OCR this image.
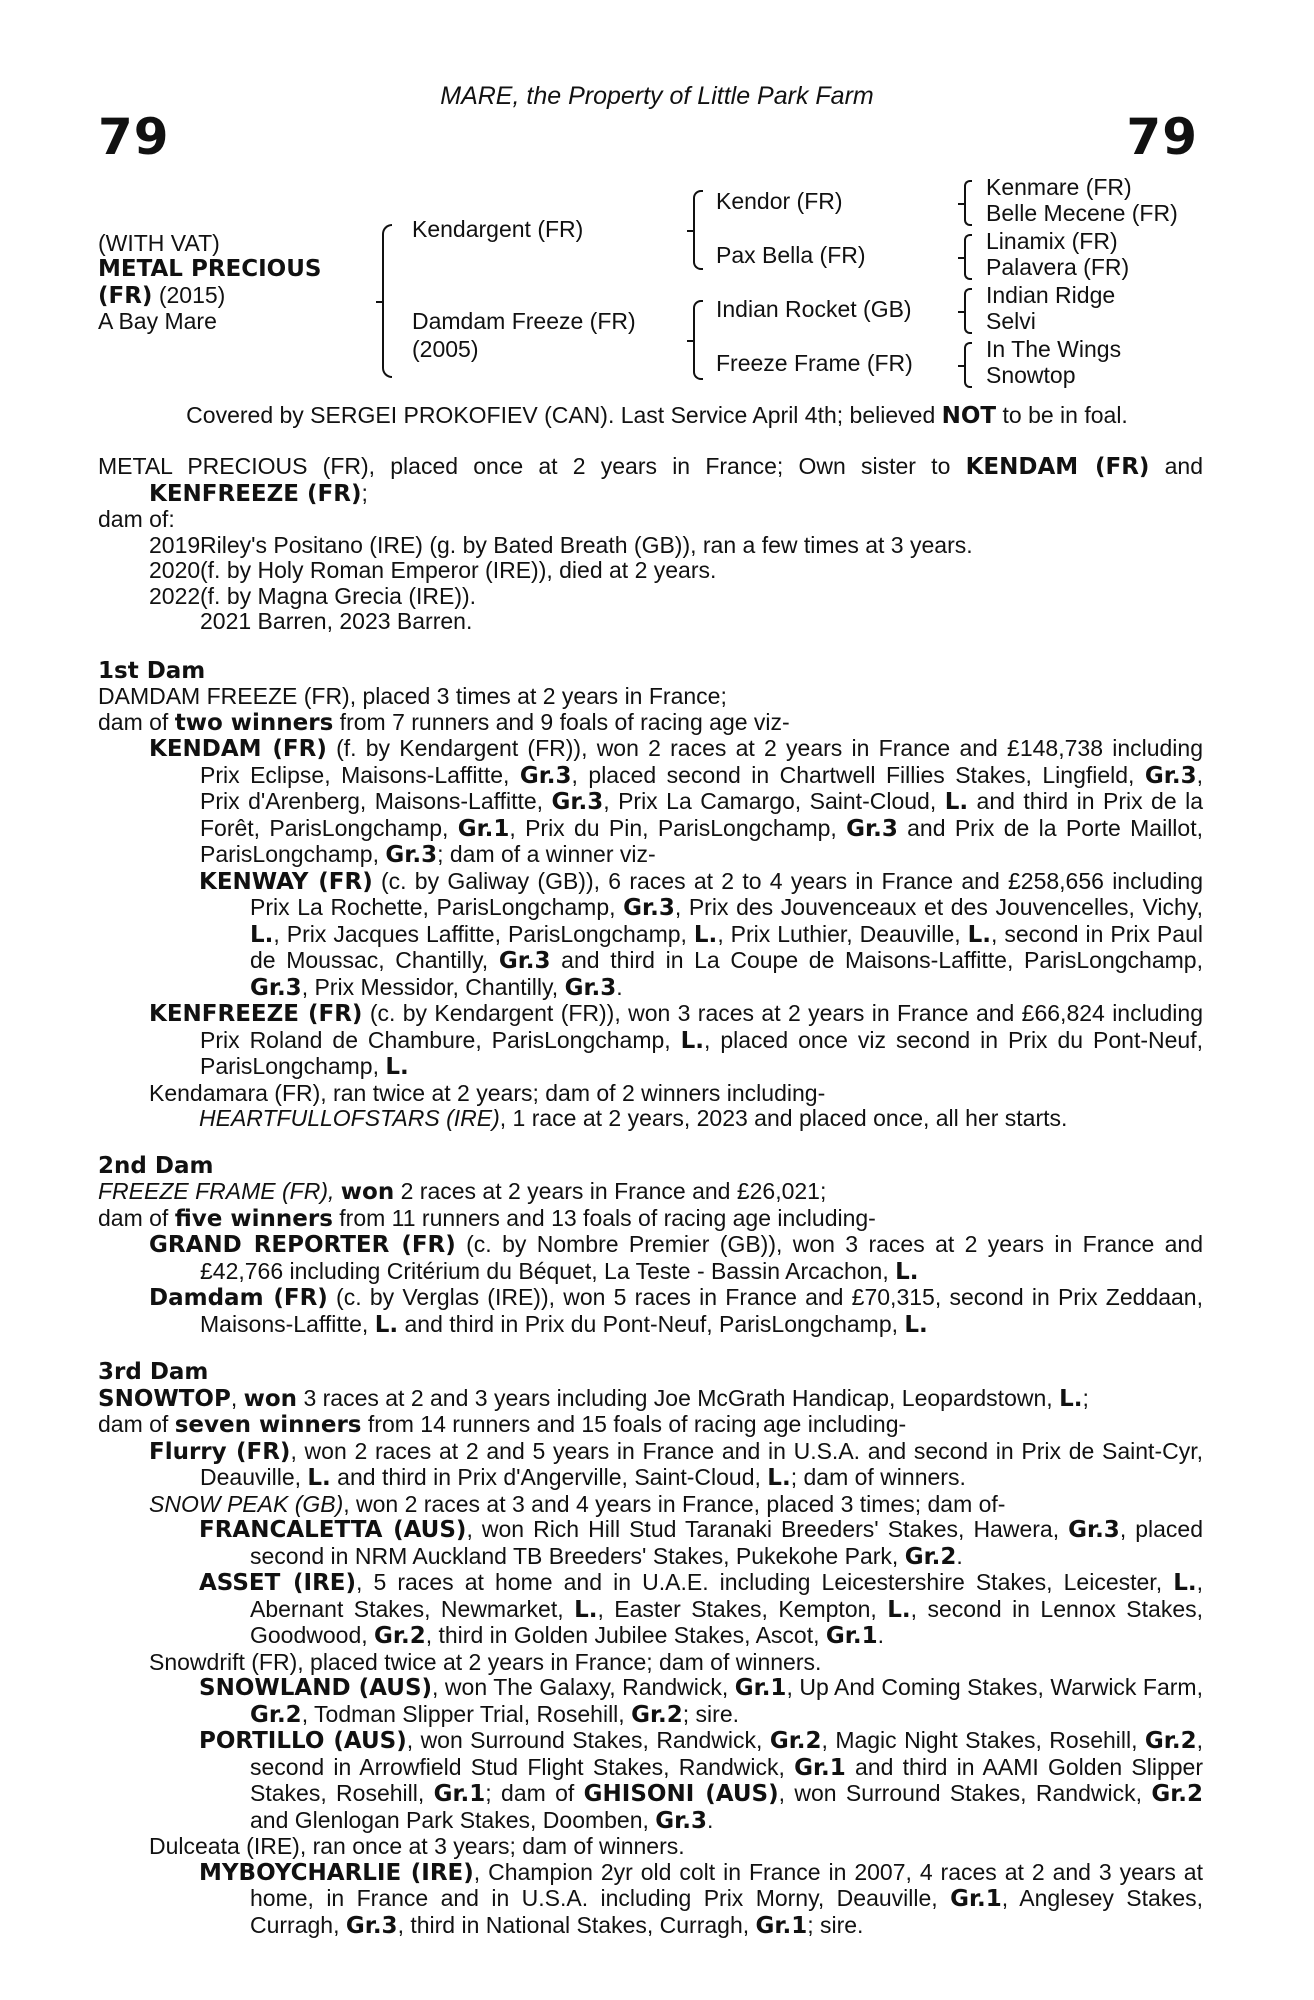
MARE, the Property of Little Park Farm
79	79
(WITH VAT)
METAL PRECIOUS
(FR) (2015)
A Bay Mare
Kendargent (FR)
Damdam Freeze (FR)
(2005)
Kendor (FR)
Pax Bella (FR)
Indian Rocket (GB)
Freeze Frame (FR)
Kenmare (FR)
Belle Mecene (FR)
Linamix (FR)
Palavera (FR)
Indian Ridge
Selvi
In The Wings
Snowtop
Covered by SERGEI PROKOFIEV (CAN). Last Service April 4th; believed NOT to be in foal.

METAL PRECIOUS (FR), placed once at 2 years in France; Own sister to KENDAM (FR) and KENFREEZE (FR);

dam of:

2019Riley's Positano (IRE) (g. by Bated Breath (GB)), ran a few times at 3 years.

2020(f. by Holy Roman Emperor (IRE)), died at 2 years.

2022(f. by Magna Grecia (IRE)).

2021 Barren, 2023 Barren.

1st Dam

DAMDAM FREEZE (FR), placed 3 times at 2 years in France;

dam of two winners from 7 runners and 9 foals of racing age viz-

KENDAM (FR) (f. by Kendargent (FR)), won 2 races at 2 years in France and £148,738 including Prix Eclipse, Maisons-Laffitte, Gr.3, placed second in Chartwell Fillies Stakes, Lingfield, Gr.3, Prix d'Arenberg, Maisons-Laffitte, Gr.3, Prix La Camargo, Saint-Cloud, L. and third in Prix de la Forêt, ParisLongchamp, Gr.1, Prix du Pin, ParisLongchamp, Gr.3 and Prix de la Porte Maillot, ParisLongchamp, Gr.3; dam of a winner viz-

KENWAY (FR) (c. by Galiway (GB)), 6 races at 2 to 4 years in France and £258,656 including Prix La Rochette, ParisLongchamp, Gr.3, Prix des Jouvenceaux et des Jouvencelles, Vichy, L., Prix Jacques Laffitte, ParisLongchamp, L., Prix Luthier, Deauville, L., second in Prix Paul de Moussac, Chantilly, Gr.3 and third in La Coupe de Maisons-Laffitte, ParisLongchamp, Gr.3, Prix Messidor, Chantilly, Gr.3.

KENFREEZE (FR) (c. by Kendargent (FR)), won 3 races at 2 years in France and £66,824 including Prix Roland de Chambure, ParisLongchamp, L., placed once viz second in Prix du Pont-Neuf, ParisLongchamp, L.

Kendamara (FR), ran twice at 2 years; dam of 2 winners including-

HEARTFULLOFSTARS (IRE), 1 race at 2 years, 2023 and placed once, all her starts.

2nd Dam

FREEZE FRAME (FR), won 2 races at 2 years in France and £26,021;

dam of five winners from 11 runners and 13 foals of racing age including-

GRAND REPORTER (FR) (c. by Nombre Premier (GB)), won 3 races at 2 years in France and £42,766 including Critérium du Béquet, La Teste - Bassin Arcachon, L.

Damdam (FR) (c. by Verglas (IRE)), won 5 races in France and £70,315, second in Prix Zeddaan, Maisons-Laffitte, L. and third in Prix du Pont-Neuf, ParisLongchamp, L.

3rd Dam

SNOWTOP, won 3 races at 2 and 3 years including Joe McGrath Handicap, Leopardstown, L.;

dam of seven winners from 14 runners and 15 foals of racing age including-

Flurry (FR), won 2 races at 2 and 5 years in France and in U.S.A. and second in Prix de Saint-Cyr, Deauville, L. and third in Prix d'Angerville, Saint-Cloud, L.; dam of winners.

SNOW PEAK (GB), won 2 races at 3 and 4 years in France, placed 3 times; dam of-

FRANCALETTA (AUS), won Rich Hill Stud Taranaki Breeders' Stakes, Hawera, Gr.3, placed second in NRM Auckland TB Breeders' Stakes, Pukekohe Park, Gr.2.

ASSET (IRE), 5 races at home and in U.A.E. including Leicestershire Stakes, Leicester, L., Abernant Stakes, Newmarket, L., Easter Stakes, Kempton, L., second in Lennox Stakes, Goodwood, Gr.2, third in Golden Jubilee Stakes, Ascot, Gr.1.

Snowdrift (FR), placed twice at 2 years in France; dam of winners.

SNOWLAND (AUS), won The Galaxy, Randwick, Gr.1, Up And Coming Stakes, Warwick Farm, Gr.2, Todman Slipper Trial, Rosehill, Gr.2; sire.

PORTILLO (AUS), won Surround Stakes, Randwick, Gr.2, Magic Night Stakes, Rosehill, Gr.2, second in Arrowfield Stud Flight Stakes, Randwick, Gr.1 and third in AAMI Golden Slipper Stakes, Rosehill, Gr.1; dam of GHISONI (AUS), won Surround Stakes, Randwick, Gr.2 and Glenlogan Park Stakes, Doomben, Gr.3.

Dulceata (IRE), ran once at 3 years; dam of winners.

MYBOYCHARLIE (IRE), Champion 2yr old colt in France in 2007, 4 races at 2 and 3 years at home, in France and in U.S.A. including Prix Morny, Deauville, Gr.1, Anglesey Stakes, Curragh, Gr.3, third in National Stakes, Curragh, Gr.1; sire.
